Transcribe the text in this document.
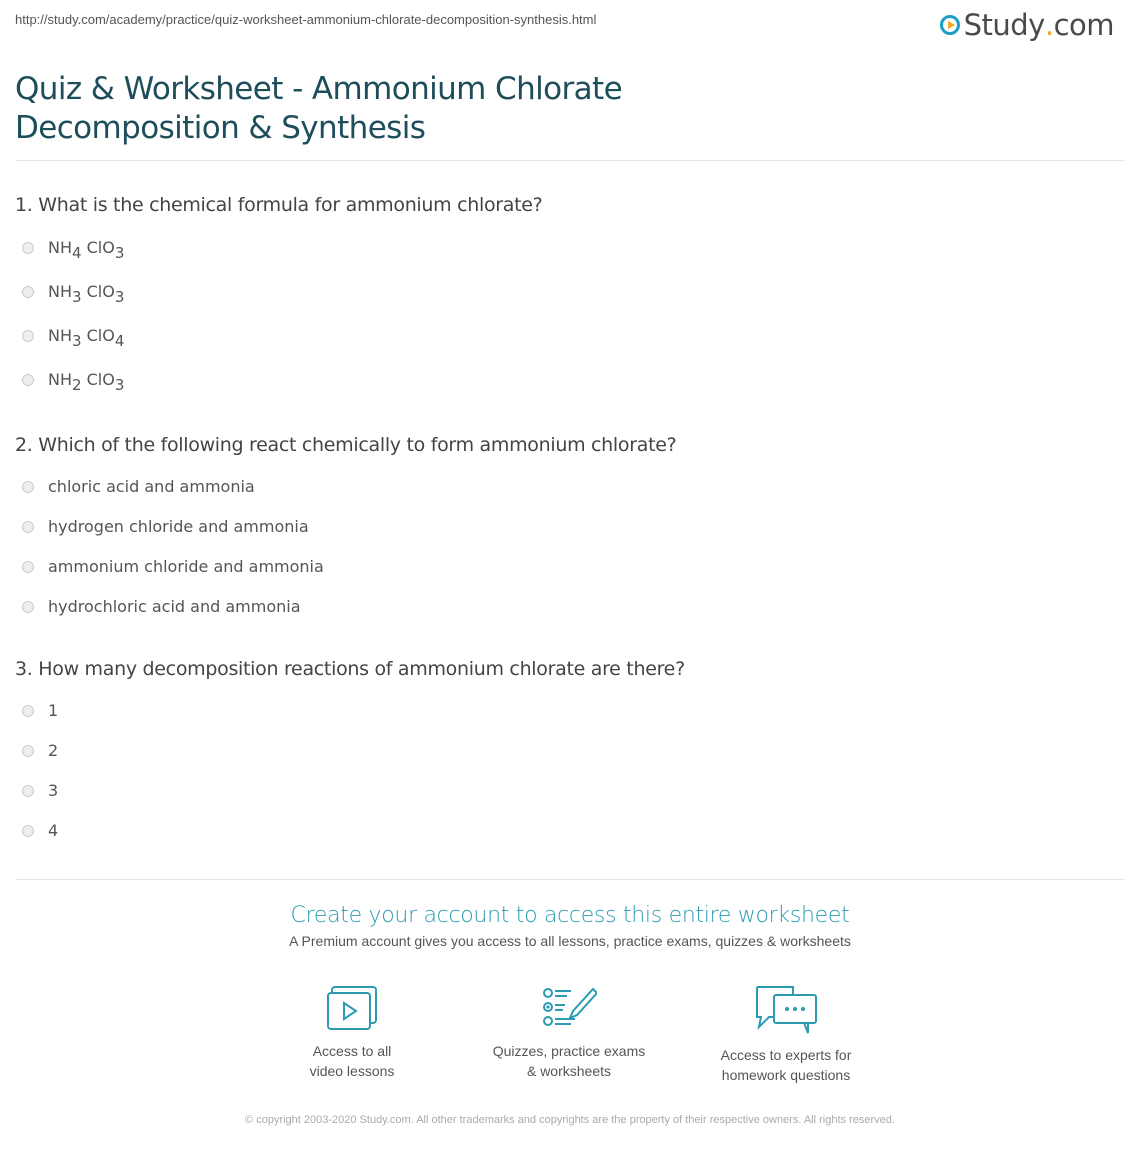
http://study.com/academy/practice/quiz-worksheet-ammonium-chlorate-decomposition-synthesis.html	Study . com
Quiz & Worksheet - Ammonium Chlorate Decomposition & Synthesis
1. What is the chemical formula for ammonium chlorate?
2. Which of the following react chemically to form ammonium chlorate?
3. How many decomposition reactions of ammonium chlorate are there?
$NH_4$ ClO$_3$
$NH_3$ ClO$_3$
$NH_3$ ClO$_4$
$NH_2$ ClO$_3$
chloric acid and ammonia
hydrogen chloride and ammonia
ammonium chloride and ammonia
hydrochloric acid and ammonia
1
2
3
4
Create your account to access this entire worksheet
A Premium account gives you access to all lessons, practice exams, quizzes & worksheets
Access to all
video lessons
Quizzes, practice exams
& worksheets
Access to experts for
homework questions
© copyright 2003-2020 Study.com. All other trademarks and copyrights are the property of their respective owners. All rights reserved.
